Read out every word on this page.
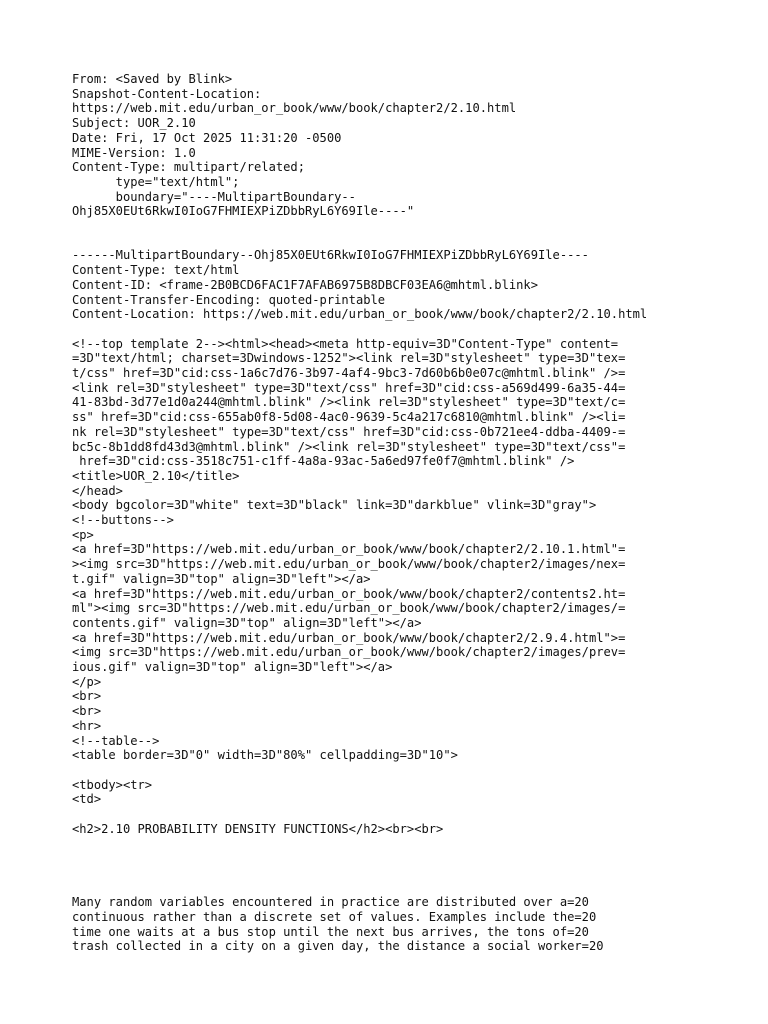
From: <Saved by Blink>
Snapshot-Content-Location:
https://web.mit.edu/urban_or_book/www/book/chapter2/2.10.html
Subject: UOR_2.10
Date: Fri, 17 Oct 2025 11:31:20 -0500
MIME-Version: 1.0
Content-Type: multipart/related;
type="text/html";
boundary="----MultipartBoundary--
Ohj85X0EUt6RkwI0IoG7FHMIEXPiZDbbRyL6Y69Ile----"
------MultipartBoundary--Ohj85X0EUt6RkwI0IoG7FHMIEXPiZDbbRyL6Y69Ile----
Content-Type: text/html
Content-ID: <frame-2B0BCD6FAC1F7AFAB6975B8DBCF03EA6@mhtml.blink>
Content-Transfer-Encoding: quoted-printable
Content-Location: https://web.mit.edu/urban_or_book/www/book/chapter2/2.10.html
<!--top template 2--><html><head><meta http-equiv=3D"Content-Type" content=
=3D"text/html; charset=3Dwindows-1252"><link rel=3D"stylesheet" type=3D"tex=
t/css" href=3D"cid:css-1a6c7d76-3b97-4af4-9bc3-7d60b6b0e07c@mhtml.blink" />=
<link rel=3D"stylesheet" type=3D"text/css" href=3D"cid:css-a569d499-6a35-44=
41-83bd-3d77e1d0a244@mhtml.blink" /><link rel=3D"stylesheet" type=3D"text/c=
ss" href=3D"cid:css-655ab0f8-5d08-4ac0-9639-5c4a217c6810@mhtml.blink" /><li=
nk rel=3D"stylesheet" type=3D"text/css" href=3D"cid:css-0b721ee4-ddba-4409-=
bc5c-8b1dd8fd43d3@mhtml.blink" /><link rel=3D"stylesheet" type=3D"text/css"=
href=3D"cid:css-3518c751-c1ff-4a8a-93ac-5a6ed97fe0f7@mhtml.blink" />
<title>UOR_2.10</title>
</head>
<body bgcolor=3D"white" text=3D"black" link=3D"darkblue" vlink=3D"gray">
<!--buttons-->
<p>
<a href=3D"https://web.mit.edu/urban_or_book/www/book/chapter2/2.10.1.html"=
><img src=3D"https://web.mit.edu/urban_or_book/www/book/chapter2/images/nex=
t.gif" valign=3D"top" align=3D"left"></a>
<a href=3D"https://web.mit.edu/urban_or_book/www/book/chapter2/contents2.ht=
ml"><img src=3D"https://web.mit.edu/urban_or_book/www/book/chapter2/images/=
contents.gif" valign=3D"top" align=3D"left"></a>
<a href=3D"https://web.mit.edu/urban_or_book/www/book/chapter2/2.9.4.html">=
<img src=3D"https://web.mit.edu/urban_or_book/www/book/chapter2/images/prev=
ious.gif" valign=3D"top" align=3D"left"></a>
</p>
<br>
<br>
<hr>
<!--table-->
<table border=3D"0" width=3D"80%" cellpadding=3D"10">
<tbody><tr>
<td>
<h2>2.10 PROBABILITY DENSITY FUNCTIONS</h2><br><br>
Many random variables encountered in practice are distributed over a=20
continuous rather than a discrete set of values. Examples include the=20
time one waits at a bus stop until the next bus arrives, the tons of=20
trash collected in a city on a given day, the distance a social worker=20
